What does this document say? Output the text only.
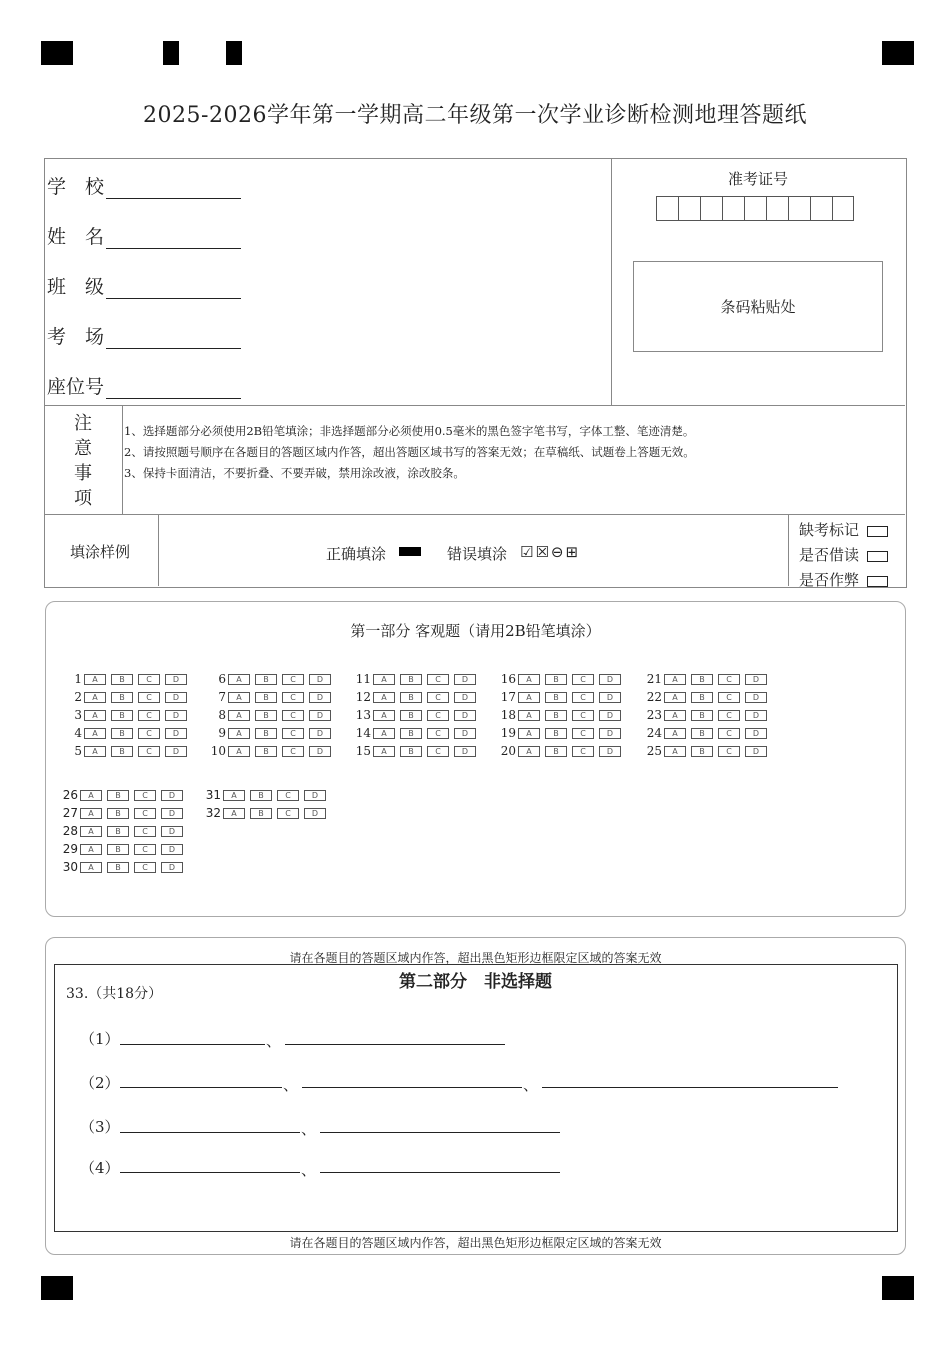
2025-2026学年第一学期高二年级第一次学业诊断检测地理答题纸
学　校
姓　名
班　级
考　场
座位号
准考证号
条码粘贴处
注
意
事
项
1、选择题部分必须使用2B铅笔填涂；非选择题部分必须使用0.5毫米的黑色签字笔书写，字体工整、笔迹清楚。
2、请按照题号顺序在各题目的答题区域内作答，超出答题区域书写的答案无效；在草稿纸、试题卷上答题无效。
3、保持卡面清洁，不要折叠、不要弄破，禁用涂改液，涂改胶条。
填涂样例	正确填涂	错误填涂 ☑☒⊖⊞
缺考标记
是否借读
是否作弊
第一部分 客观题（请用2B铅笔填涂）
1 A	B	C	D
2 A	B	C	D
3 A	B	C	D
4 A	B	C	D
5 A	B	C	D
6 A	B	C	D
7 A	B	C	D
8 A	B	C	D
9 A	B	C	D
10 A	B	C	D
11 A	B	C	D
12 A	B	C	D
13 A	B	C	D
14 A	B	C	D
15 A	B	C	D
16 A	B	C	D
17 A	B	C	D
18 A	B	C	D
19 A	B	C	D
20 A	B	C	D
21 A	B	C	D
22 A	B	C	D
23 A	B	C	D
24 A	B	C	D
25 A	B	C	D
26 A	B	C	D
27 A	B	C	D
28 A	B	C	D
29 A	B	C	D
30 A	B	C	D
31 A	B	C	D
32 A	B	C	D
请在各题目的答题区域内作答，超出黑色矩形边框限定区域的答案无效
第二部分　非选择题
33.（共18分）
（1）	、
（2）	、	、
（3）	、
（4）	、
请在各题目的答题区域内作答，超出黑色矩形边框限定区域的答案无效
